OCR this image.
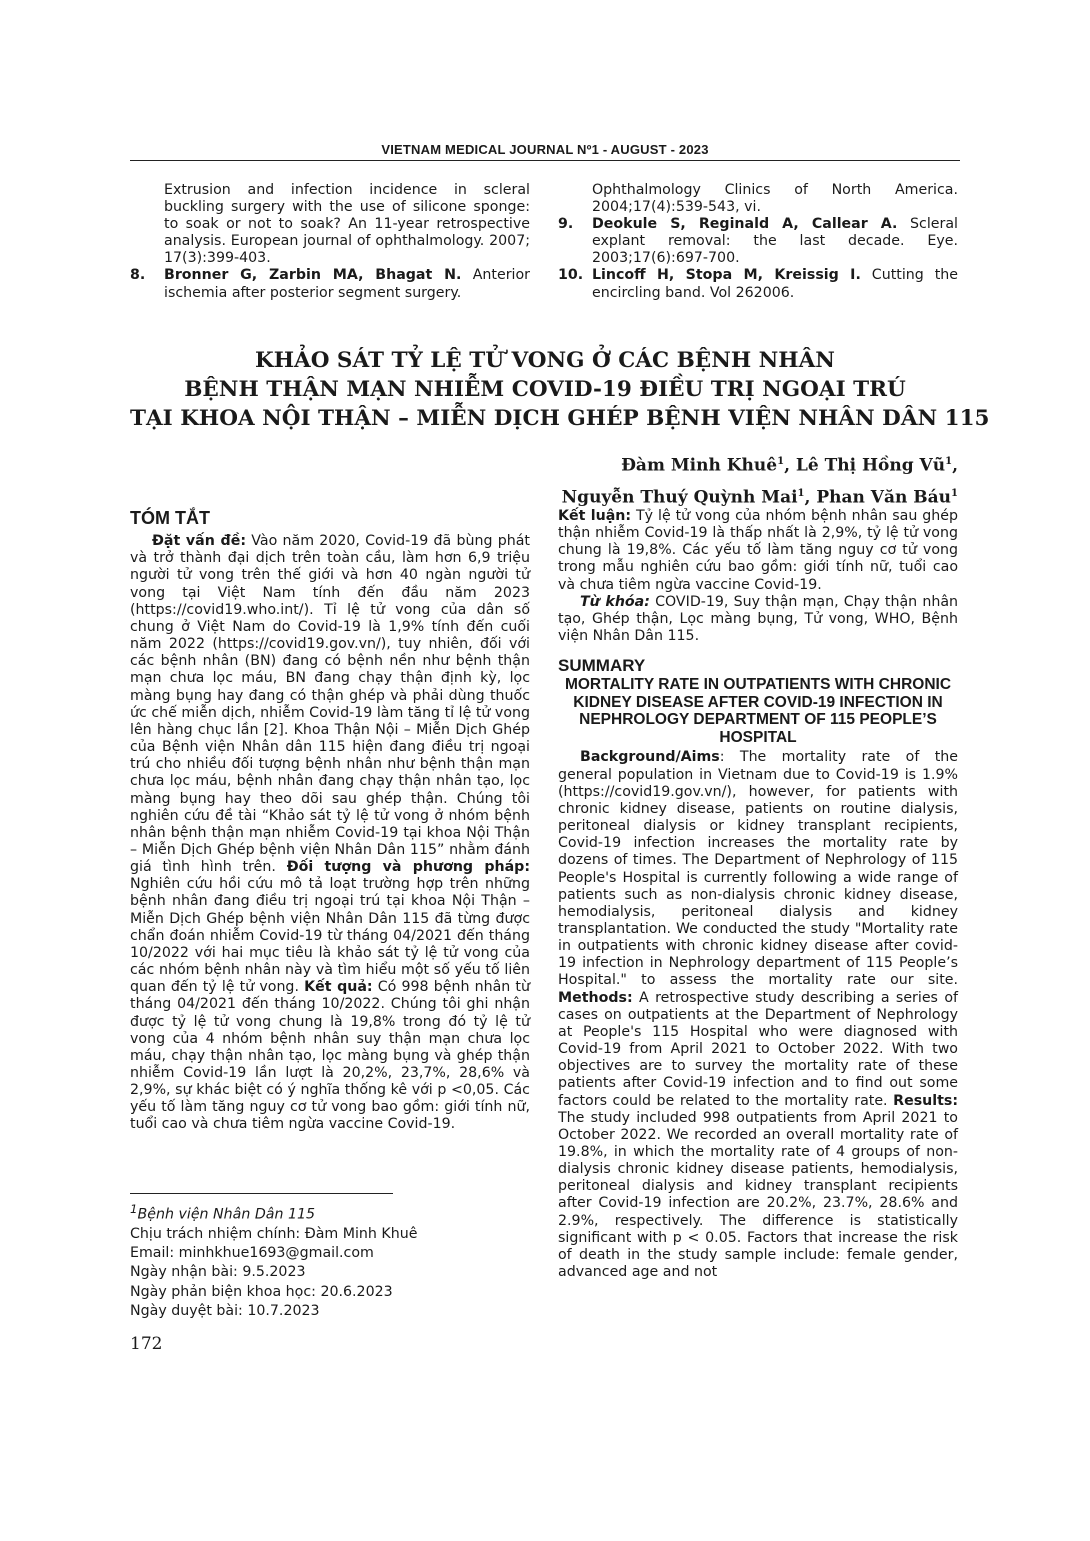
VIETNAM MEDICAL JOURNAL Nº1 - AUGUST - 2023
Extrusion and infection incidence in scleral buckling surgery with the use of silicone sponge: to soak or not to soak? An 11-year retrospective analysis. European journal of ophthalmology. 2007; 17(3):399-403.
8. Bronner G, Zarbin MA, Bhagat N. Anterior ischemia after posterior segment surgery.
Ophthalmology Clinics of North America. 2004;17(4):539-543, vi.
9. Deokule S, Reginald A, Callear A. Scleral explant removal: the last decade. Eye. 2003;17(6):697-700.
10. Lincoff H, Stopa M, Kreissig I. Cutting the encircling band. Vol 262006.
KHẢO SÁT TỶ LỆ TỬ VONG Ở CÁC BỆNH NHÂN
BỆNH THẬN MẠN NHIỄM COVID-19 ĐIỀU TRỊ NGOẠI TRÚ
TẠI KHOA NỘI THẬN – MIỄN DỊCH GHÉP BỆNH VIỆN NHÂN DÂN 115
Đàm Minh Khuê$^1$, Lê Thị Hồng $Vũ^1$,
Nguyễn Thuý Quỳnh Mai$^1$, Phan Văn Báu$^1$
TÓM TẮT

Đặt vấn đề: Vào năm 2020, Covid-19 đã bùng phát và trở thành đại dịch trên toàn cầu, làm hơn 6,9 triệu người tử vong trên thế giới và hơn 40 ngàn người tử vong tại Việt Nam tính đến đầu năm 2023 (https://covid19.who.int/). Tỉ lệ tử vong của dân số chung ở Việt Nam do Covid-19 là 1,9% tính đến cuối năm 2022 (https://covid19.gov.vn/), tuy nhiên, đối với các bệnh nhân (BN) đang có bệnh nền như bệnh thận mạn chưa lọc máu, BN đang chạy thận định kỳ, lọc màng bụng hay đang có thận ghép và phải dùng thuốc ức chế miễn dịch, nhiễm Covid-19 làm tăng tỉ lệ tử vong lên hàng chục lần [2]. Khoa Thận Nội – Miễn Dịch Ghép của Bệnh viện Nhân dân 115 hiện đang điều trị ngoại trú cho nhiều đối tượng bệnh nhân như bệnh thận mạn chưa lọc máu, bệnh nhân đang chạy thận nhân tạo, lọc màng bụng hay theo dõi sau ghép thận. Chúng tôi nghiên cứu đề tài “Khảo sát tỷ lệ tử vong ở nhóm bệnh nhân bệnh thận mạn nhiễm Covid-19 tại khoa Nội Thận – Miễn Dịch Ghép bệnh viện Nhân Dân 115” nhằm đánh giá tình hình trên. Đối tượng và phương pháp: Nghiên cứu hồi cứu mô tả loạt trường hợp trên những bệnh nhân đang điều trị ngoại trú tại khoa Nội Thận – Miễn Dịch Ghép bệnh viện Nhân Dân 115 đã từng được chẩn đoán nhiễm Covid-19 từ tháng 04/2021 đến tháng 10/2022 với hai mục tiêu là khảo sát tỷ lệ tử vong của các nhóm bệnh nhân này và tìm hiểu một số yếu tố liên quan đến tỷ lệ tử vong. Kết quả: Có 998 bệnh nhân từ tháng 04/2021 đến tháng 10/2022. Chúng tôi ghi nhận được tỷ lệ tử vong chung là 19,8% trong đó tỷ lệ tử vong của 4 nhóm bệnh nhân suy thận mạn chưa lọc máu, chạy thận nhân tạo, lọc màng bụng và ghép thận nhiễm Covid-19 lần lượt là 20,2%, 23,7%, 28,6% và 2,9%, sự khác biệt có ý nghĩa thống kê với p <0,05. Các yếu tố làm tăng nguy cơ tử vong bao gồm: giới tính nữ, tuổi cao và chưa tiêm ngừa vaccine Covid-19.

Kết luận: Tỷ lệ tử vong của nhóm bệnh nhân sau ghép thận nhiễm Covid-19 là thấp nhất là 2,9%, tỷ lệ tử vong chung là 19,8%. Các yếu tố làm tăng nguy cơ tử vong trong mẫu nghiên cứu bao gồm: giới tính nữ, tuổi cao và chưa tiêm ngừa vaccine Covid-19.

Từ khóa: COVID-19, Suy thận mạn, Chạy thận nhân tạo, Ghép thận, Lọc màng bụng, Tử vong, WHO, Bệnh viện Nhân Dân 115.

SUMMARY
MORTALITY RATE IN OUTPATIENTS WITH CHRONIC KIDNEY DISEASE AFTER COVID-19 INFECTION IN NEPHROLOGY DEPARTMENT OF 115 PEOPLE’S HOSPITAL

Background/Aims: The mortality rate of the general population in Vietnam due to Covid-19 is 1.9% (https://covid19.gov.vn/), however, for patients with chronic kidney disease, patients on routine dialysis, peritoneal dialysis or kidney transplant recipients, Covid-19 infection increases the mortality rate by dozens of times. The Department of Nephrology of 115 People's Hospital is currently following a wide range of patients such as non-dialysis chronic kidney disease, hemodialysis, peritoneal dialysis and kidney transplantation. We conducted the study "Mortality rate in outpatients with chronic kidney disease after covid-19 infection in Nephrology department of 115 People’s Hospital." to assess the mortality rate our site. Methods: A retrospective study describing a series of cases on outpatients at the Department of Nephrology at People's 115 Hospital who were diagnosed with Covid-19 from April 2021 to October 2022. With two objectives are to survey the mortality rate of these patients after Covid-19 infection and to find out some factors could be related to the mortality rate. Results: The study included 998 outpatients from April 2021 to October 2022. We recorded an overall mortality rate of 19.8%, in which the mortality rate of 4 groups of non-dialysis chronic kidney disease patients, hemodialysis, peritoneal dialysis and kidney transplant recipients after Covid-19 infection are 20.2%, 23.7%, 28.6% and 2.9%, respectively. The difference is statistically significant with p < 0.05. Factors that increase the risk of death in the study sample include: female gender, advanced age and not

$^1$Bệnh viện Nhân Dân 115
Chịu trách nhiệm chính: Đàm Minh Khuê
Email: minhkhue1693@gmail.com
Ngày nhận bài: 9.5.2023
Ngày phản biện khoa học: 20.6.2023
Ngày duyệt bài: 10.7.2023
172
